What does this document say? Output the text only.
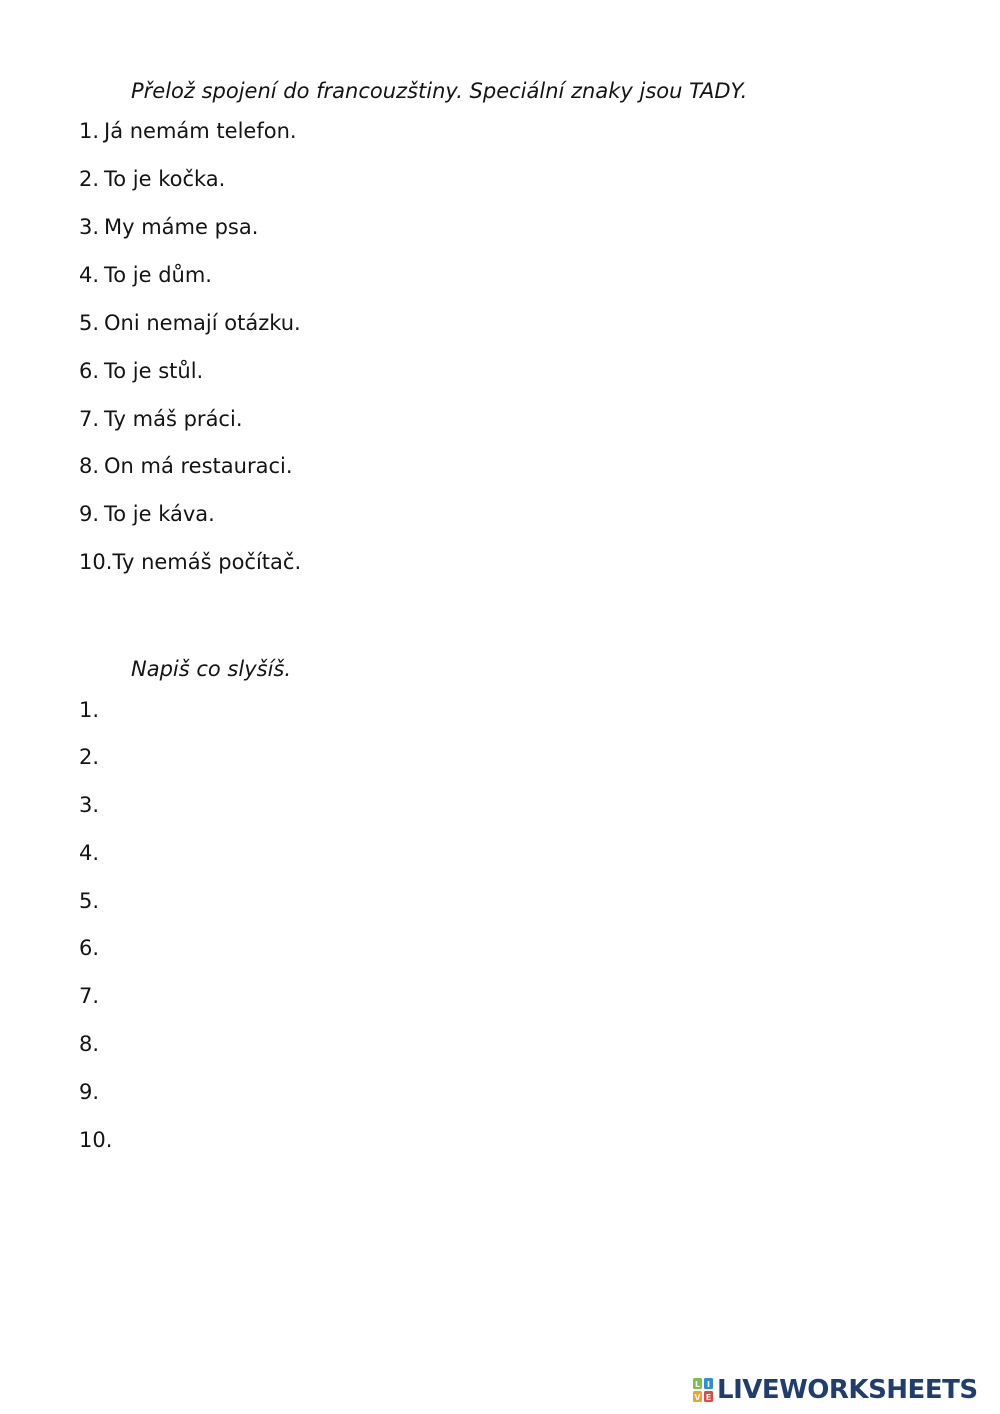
Přelož spojení do francouzštiny. Speciální znaky jsou TADY.
1. Já nemám telefon.
2. To je kočka.
3. My máme psa.
4. To je dům.
5. Oni nemají otázku.
6. To je stůl.
7. Ty máš práci.
8. On má restauraci.
9. To je káva.
10.Ty nemáš počítač.
Napiš co slyšíš.
1.
2.
3.
4.
5.
6.
7.
8.
9.
10.
L I
V E LIVEWORKSHEETS
